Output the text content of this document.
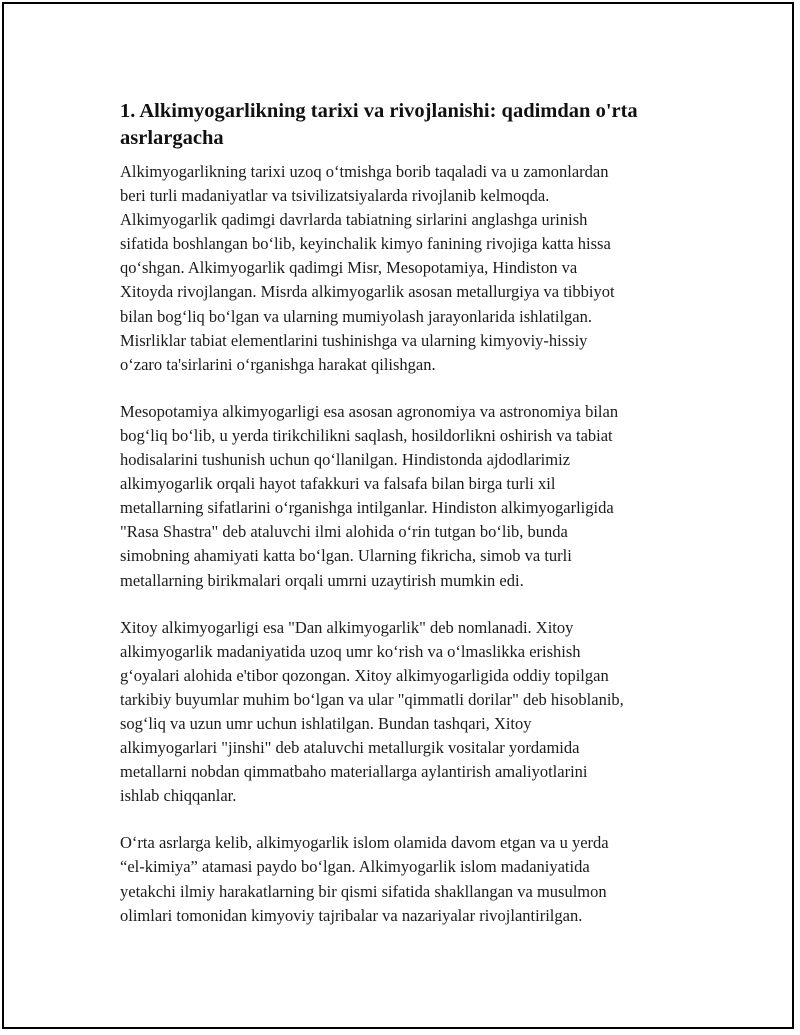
1. Alkimyogarlikning tarixi va rivojlanishi: qadimdan o'rta
asrlargacha

Alkimyogarlikning tarixi uzoq o‘tmishga borib taqaladi va u zamonlardan
beri turli madaniyatlar va tsivilizatsiyalarda rivojlanib kelmoqda.
Alkimyogarlik qadimgi davrlarda tabiatning sirlarini anglashga urinish
sifatida boshlangan bo‘lib, keyinchalik kimyo fanining rivojiga katta hissa
qo‘shgan. Alkimyogarlik qadimgi Misr, Mesopotamiya, Hindiston va
Xitoyda rivojlangan. Misrda alkimyogarlik asosan metallurgiya va tibbiyot
bilan bog‘liq bo‘lgan va ularning mumiyolash jarayonlarida ishlatilgan.
Misrliklar tabiat elementlarini tushinishga va ularning kimyoviy-hissiy
o‘zaro ta'sirlarini o‘rganishga harakat qilishgan.

Mesopotamiya alkimyogarligi esa asosan agronomiya va astronomiya bilan
bog‘liq bo‘lib, u yerda tirikchilikni saqlash, hosildorlikni oshirish va tabiat
hodisalarini tushunish uchun qo‘llanilgan. Hindistonda ajdodlarimiz
alkimyogarlik orqali hayot tafakkuri va falsafa bilan birga turli xil
metallarning sifatlarini o‘rganishga intilganlar. Hindiston alkimyogarligida
"Rasa Shastra" deb ataluvchi ilmi alohida o‘rin tutgan bo‘lib, bunda
simobning ahamiyati katta bo‘lgan. Ularning fikricha, simob va turli
metallarning birikmalari orqali umrni uzaytirish mumkin edi.

Xitoy alkimyogarligi esa "Dan alkimyogarlik" deb nomlanadi. Xitoy
alkimyogarlik madaniyatida uzoq umr ko‘rish va o‘lmaslikka erishish
g‘oyalari alohida e'tibor qozongan. Xitoy alkimyogarligida oddiy topilgan
tarkibiy buyumlar muhim bo‘lgan va ular "qimmatli dorilar" deb hisoblanib,
sog‘liq va uzun umr uchun ishlatilgan. Bundan tashqari, Xitoy
alkimyogarlari "jinshi" deb ataluvchi metallurgik vositalar yordamida
metallarni nobdan qimmatbaho materiallarga aylantirish amaliyotlarini
ishlab chiqqanlar.

O‘rta asrlarga kelib, alkimyogarlik islom olamida davom etgan va u yerda
“el-kimiya” atamasi paydo bo‘lgan. Alkimyogarlik islom madaniyatida
yetakchi ilmiy harakatlarning bir qismi sifatida shakllangan va musulmon
olimlari tomonidan kimyoviy tajribalar va nazariyalar rivojlantirilgan.
